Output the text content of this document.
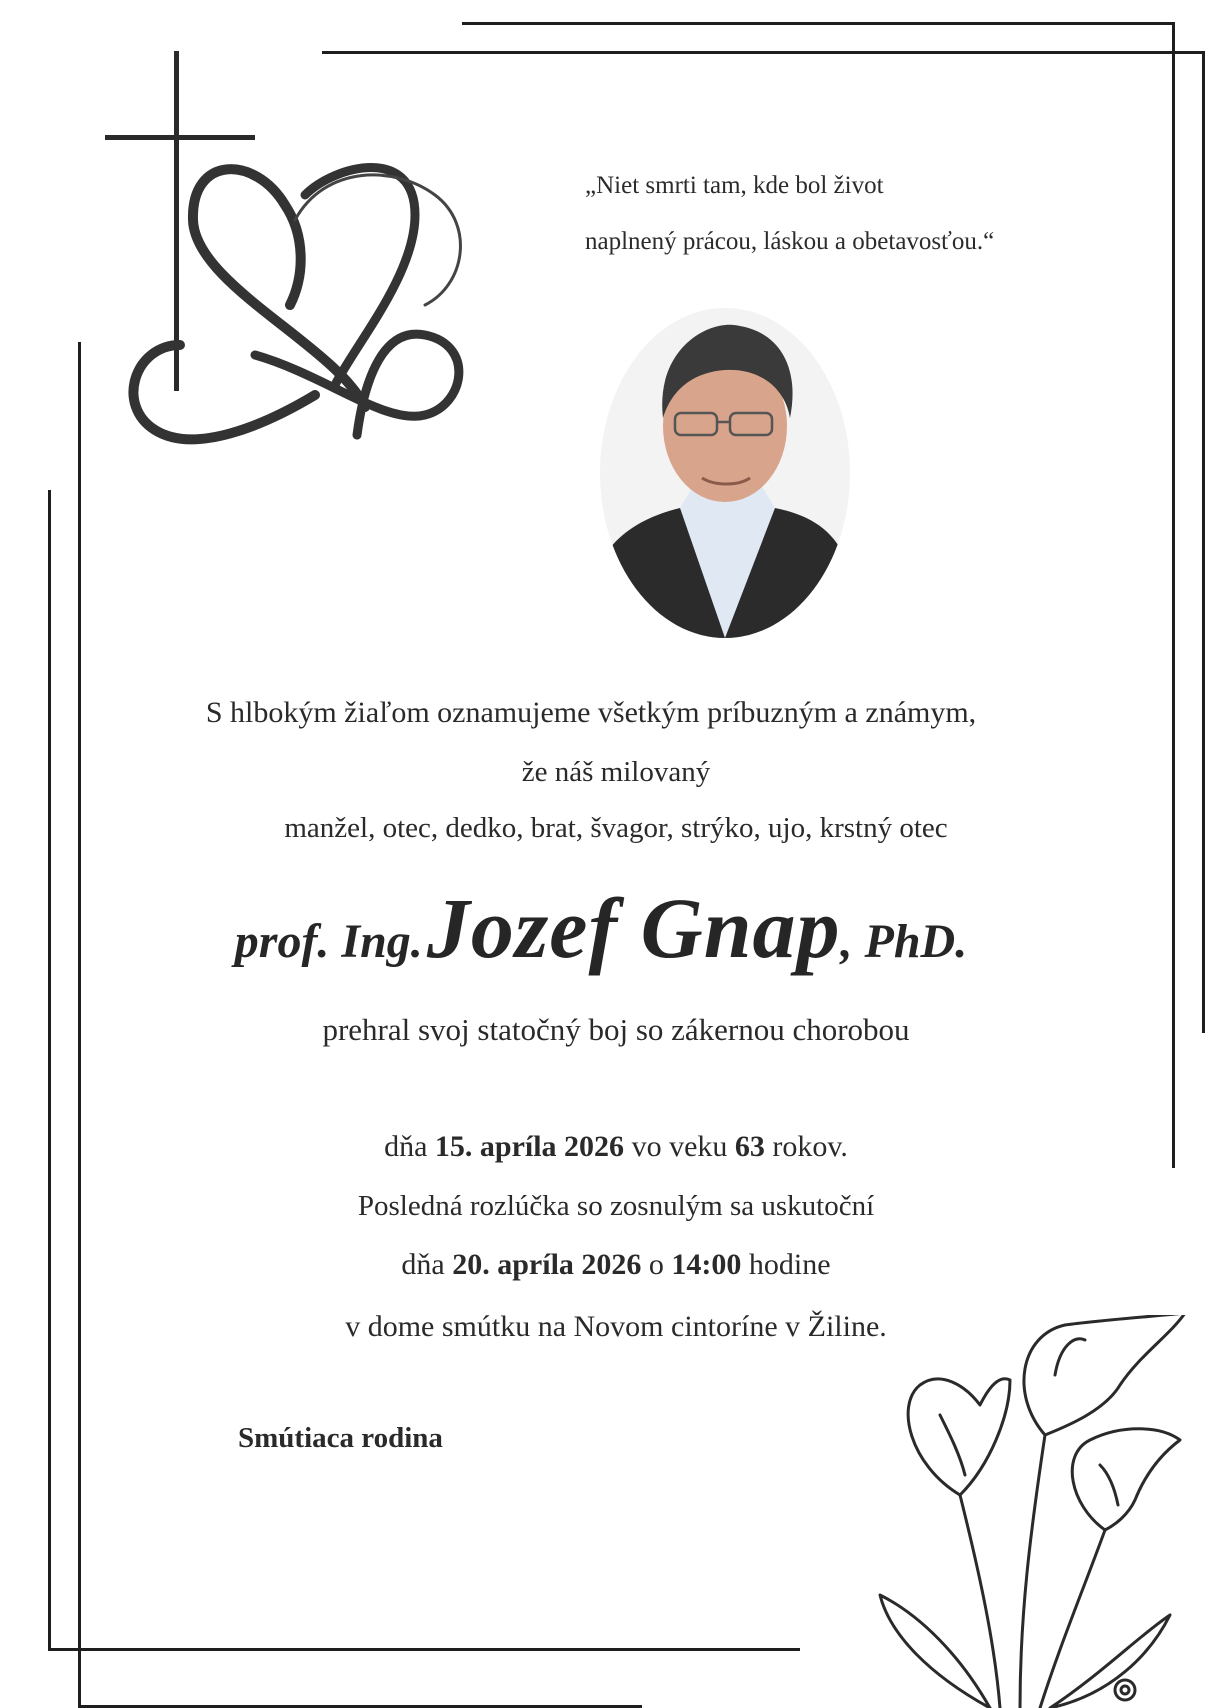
„Niet smrti tam, kde bol život
naplnený prácou, láskou a obetavosťou.“
S hlbokým žiaľom oznamujeme všetkým príbuzným a známym,
že náš milovaný
manžel, otec, dedko, brat, švagor, strýko, ujo, krstný otec
prof. Ing. Jozef Gnap, PhD.
prehral svoj statočný boj so zákernou chorobou
dňa 15. apríla 2026 vo veku 63 rokov.
Posledná rozlúčka so zosnulým sa uskutoční
dňa 20. apríla 2026 o 14:00 hodine
v dome smútku na Novom cintoríne v Žiline.
Smútiaca rodina
